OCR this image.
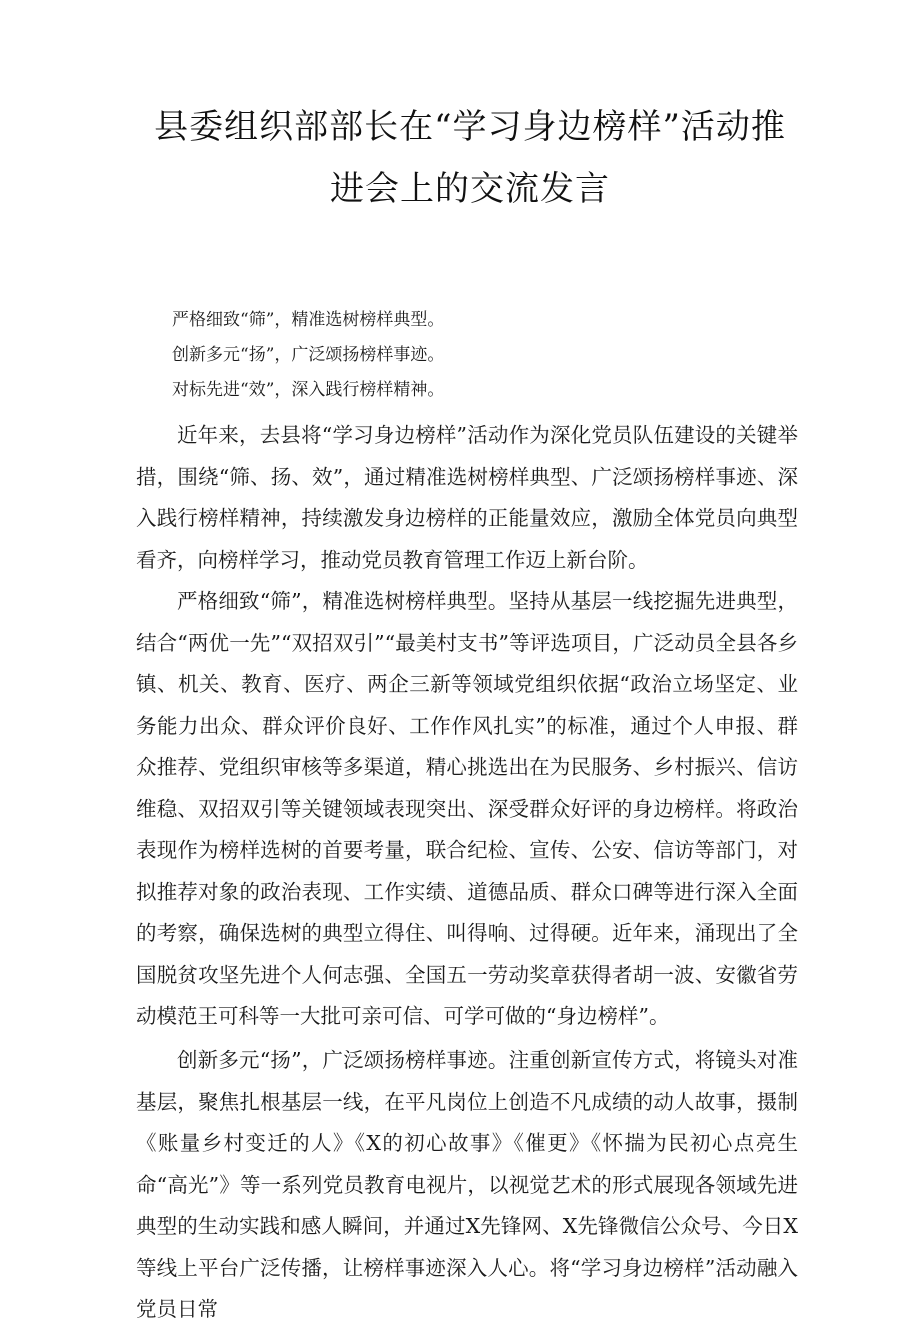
县委组织部部长在“学习身边榜样”活动推
进会上的交流发言
严格细致“筛”，精准选树榜样典型。
创新多元“扬”，广泛颂扬榜样事迹。
对标先进“效”，深入践行榜样精神。

近年来，去县将“学习身边榜样”活动作为深化党员队伍建设的关键举措，围绕“筛、扬、效”，通过精准选树榜样典型、广泛颂扬榜样事迹、深入践行榜样精神，持续激发身边榜样的正能量效应，激励全体党员向典型看齐，向榜样学习，推动党员教育管理工作迈上新台阶。

严格细致“筛”，精准选树榜样典型。坚持从基层一线挖掘先进典型，结合“两优一先”“双招双引”“最美村支书”等评选项目，广泛动员全县各乡镇、机关、教育、医疗、两企三新等领域党组织依据“政治立场坚定、业务能力出众、群众评价良好、工作作风扎实”的标准，通过个人申报、群众推荐、党组织审核等多渠道，精心挑选出在为民服务、乡村振兴、信访维稳、双招双引等关键领域表现突出、深受群众好评的身边榜样。将政治表现作为榜样选树的首要考量，联合纪检、宣传、公安、信访等部门，对拟推荐对象的政治表现、工作实绩、道德品质、群众口碑等进行深入全面的考察，确保选树的典型立得住、叫得响、过得硬。近年来，涌现出了全国脱贫攻坚先进个人何志强、全国五一劳动奖章获得者胡一波、安徽省劳动模范王可科等一大批可亲可信、可学可做的“身边榜样”。

创新多元“扬”，广泛颂扬榜样事迹。注重创新宣传方式，将镜头对准基层，聚焦扎根基层一线，在平凡岗位上创造不凡成绩的动人故事，摄制《账量乡村变迁的人》《X的初心故事》《催更》《怀揣为民初心点亮生命“高光”》等一系列党员教育电视片，以视觉艺术的形式展现各领域先进典型的生动实践和感人瞬间，并通过X先锋网、X先锋微信公众号、今日X等线上平台广泛传播，让榜样事迹深入人心。将“学习身边榜样”活动融入党员日常
